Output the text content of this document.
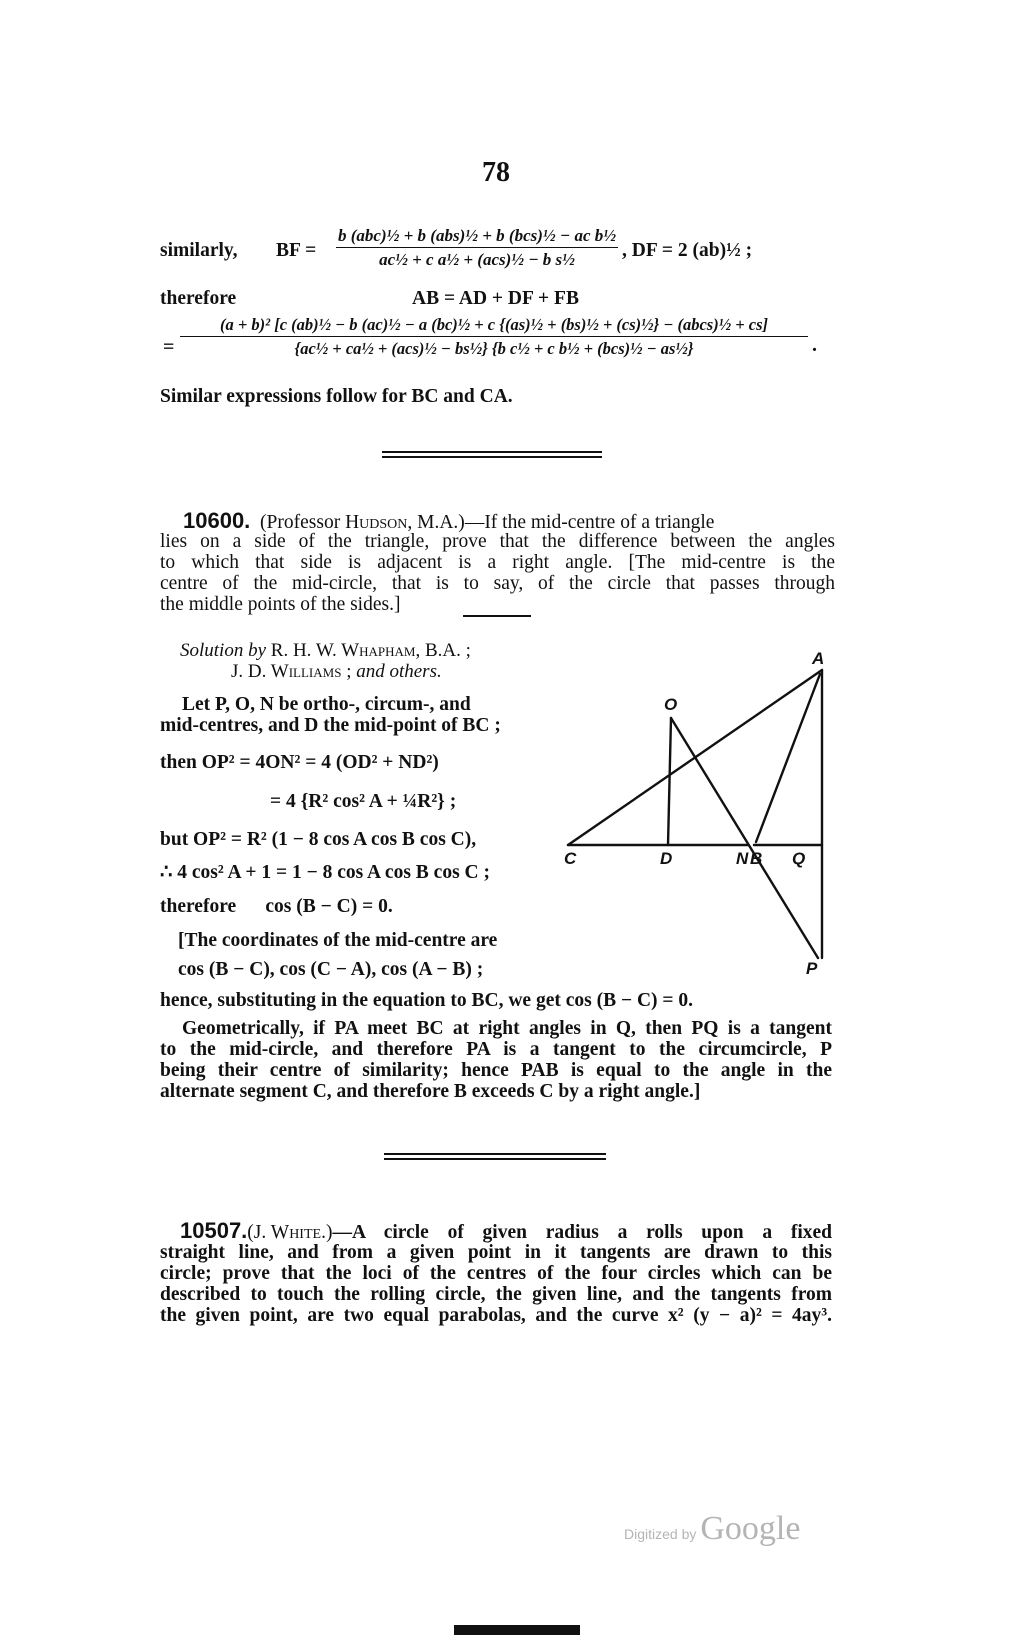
78
similarly, BF =
b (abc)½ + b (abs)½ + b (bcs)½ − ac b½
ac½ + c a½ + (acs)½ − b s½	, DF = 2 (ab)½ ;
therefore	AB = AD + DF + FB
=
(a + b)² [c (ab)½ − b (ac)½ − a (bc)½ + c {(as)½ + (bs)½ + (cs)½} − (abcs)½ + cs]
{ac½ + ca½ + (acs)½ − bs½} {b c½ + c b½ + (bcs)½ − as½}	.
Similar expressions follow for BC and CA.
10600.  (Professor Hudson, M.A.)—If the mid-centre of a triangle
lies on a side of the triangle, prove that the difference between the angles
to which that side is adjacent is a right angle. [The mid-centre is the
centre of the mid-circle, that is to say, of the circle that passes through
the middle points of the sides.]
Solution by R. H. W. Whapham, B.A. ;
J. D. Williams ; and others.
Let P, O, N be ortho-, circum-, and
mid-centres, and D the mid-point of BC ;
then OP² = 4ON² = 4 (OD² + ND²)
= 4 {R² cos² A + ¼R²} ;
but OP² = R² (1 − 8 cos A cos B cos C),
∴ 4 cos² A + 1 = 1 − 8 cos A cos B cos C ;
therefore      cos (B − C) = 0.
[The coordinates of the mid-centre are
cos (B − C), cos (C − A), cos (A − B) ;
hence, substituting in the equation to BC, we get cos (B − C) = 0.
Geometrically, if PA meet BC at right angles in Q, then PQ is a tangent
to the mid-circle, and therefore PA is a tangent to the circumcircle, P
being their centre of similarity; hence PAB is equal to the angle in the
alternate segment C, and therefore B exceeds C by a right angle.]
A
O
C	D	N B Q
P
10507. (J. White.) —A circle of given radius a rolls upon a fixed
straight line, and from a given point in it tangents are drawn to this
circle; prove that the loci of the centres of the four circles which can be
described to touch the rolling circle, the given line, and the tangents from
the given point, are two equal parabolas, and the curve x² (y − a)² = 4ay³.
Digitized by Google
